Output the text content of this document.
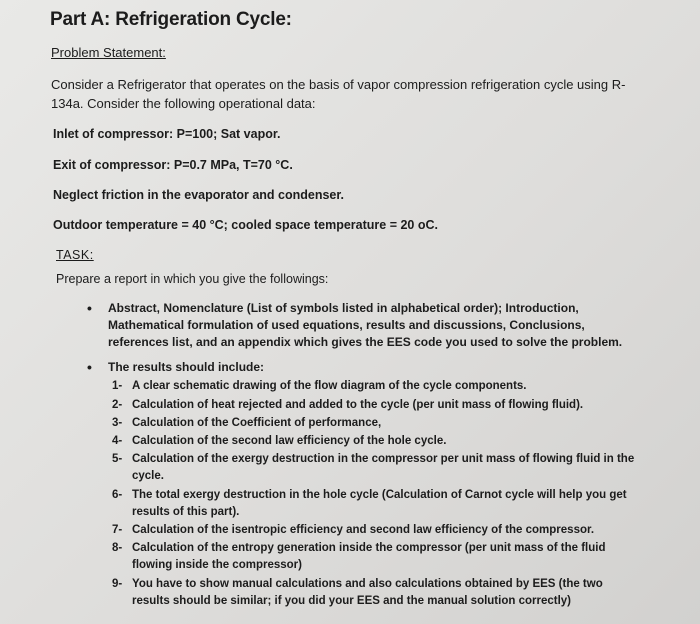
Part A: Refrigeration Cycle:
Problem Statement:
Consider a Refrigerator that operates on the basis of vapor compression refrigeration cycle using R-134a. Consider the following operational data:
Inlet of compressor: P=100; Sat vapor.
Exit of compressor: P=0.7 MPa, T=70 °C.
Neglect friction in the evaporator and condenser.
Outdoor temperature = 40 °C; cooled space temperature = 20 oC.
TASK:
Prepare a report in which you give the followings:
• Abstract, Nomenclature (List of symbols listed in alphabetical order); Introduction, Mathematical formulation of used equations, results and discussions, Conclusions, references list, and an appendix which gives the EES code you used to solve the problem.
• The results should include:
1- A clear schematic drawing of the flow diagram of the cycle components.
2- Calculation of heat rejected and added to the cycle (per unit mass of flowing fluid).
3- Calculation of the Coefficient of performance,
4- Calculation of the second law efficiency of the hole cycle.
5- Calculation of the exergy destruction in the compressor per unit mass of flowing fluid in the cycle.
6- The total exergy destruction in the hole cycle (Calculation of Carnot cycle will help you get results of this part).
7- Calculation of the isentropic efficiency and second law efficiency of the compressor.
8- Calculation of the entropy generation inside the compressor (per unit mass of the fluid flowing inside the compressor)
9- You have to show manual calculations and also calculations obtained by EES (the two results should be similar; if you did your EES and the manual solution correctly)
